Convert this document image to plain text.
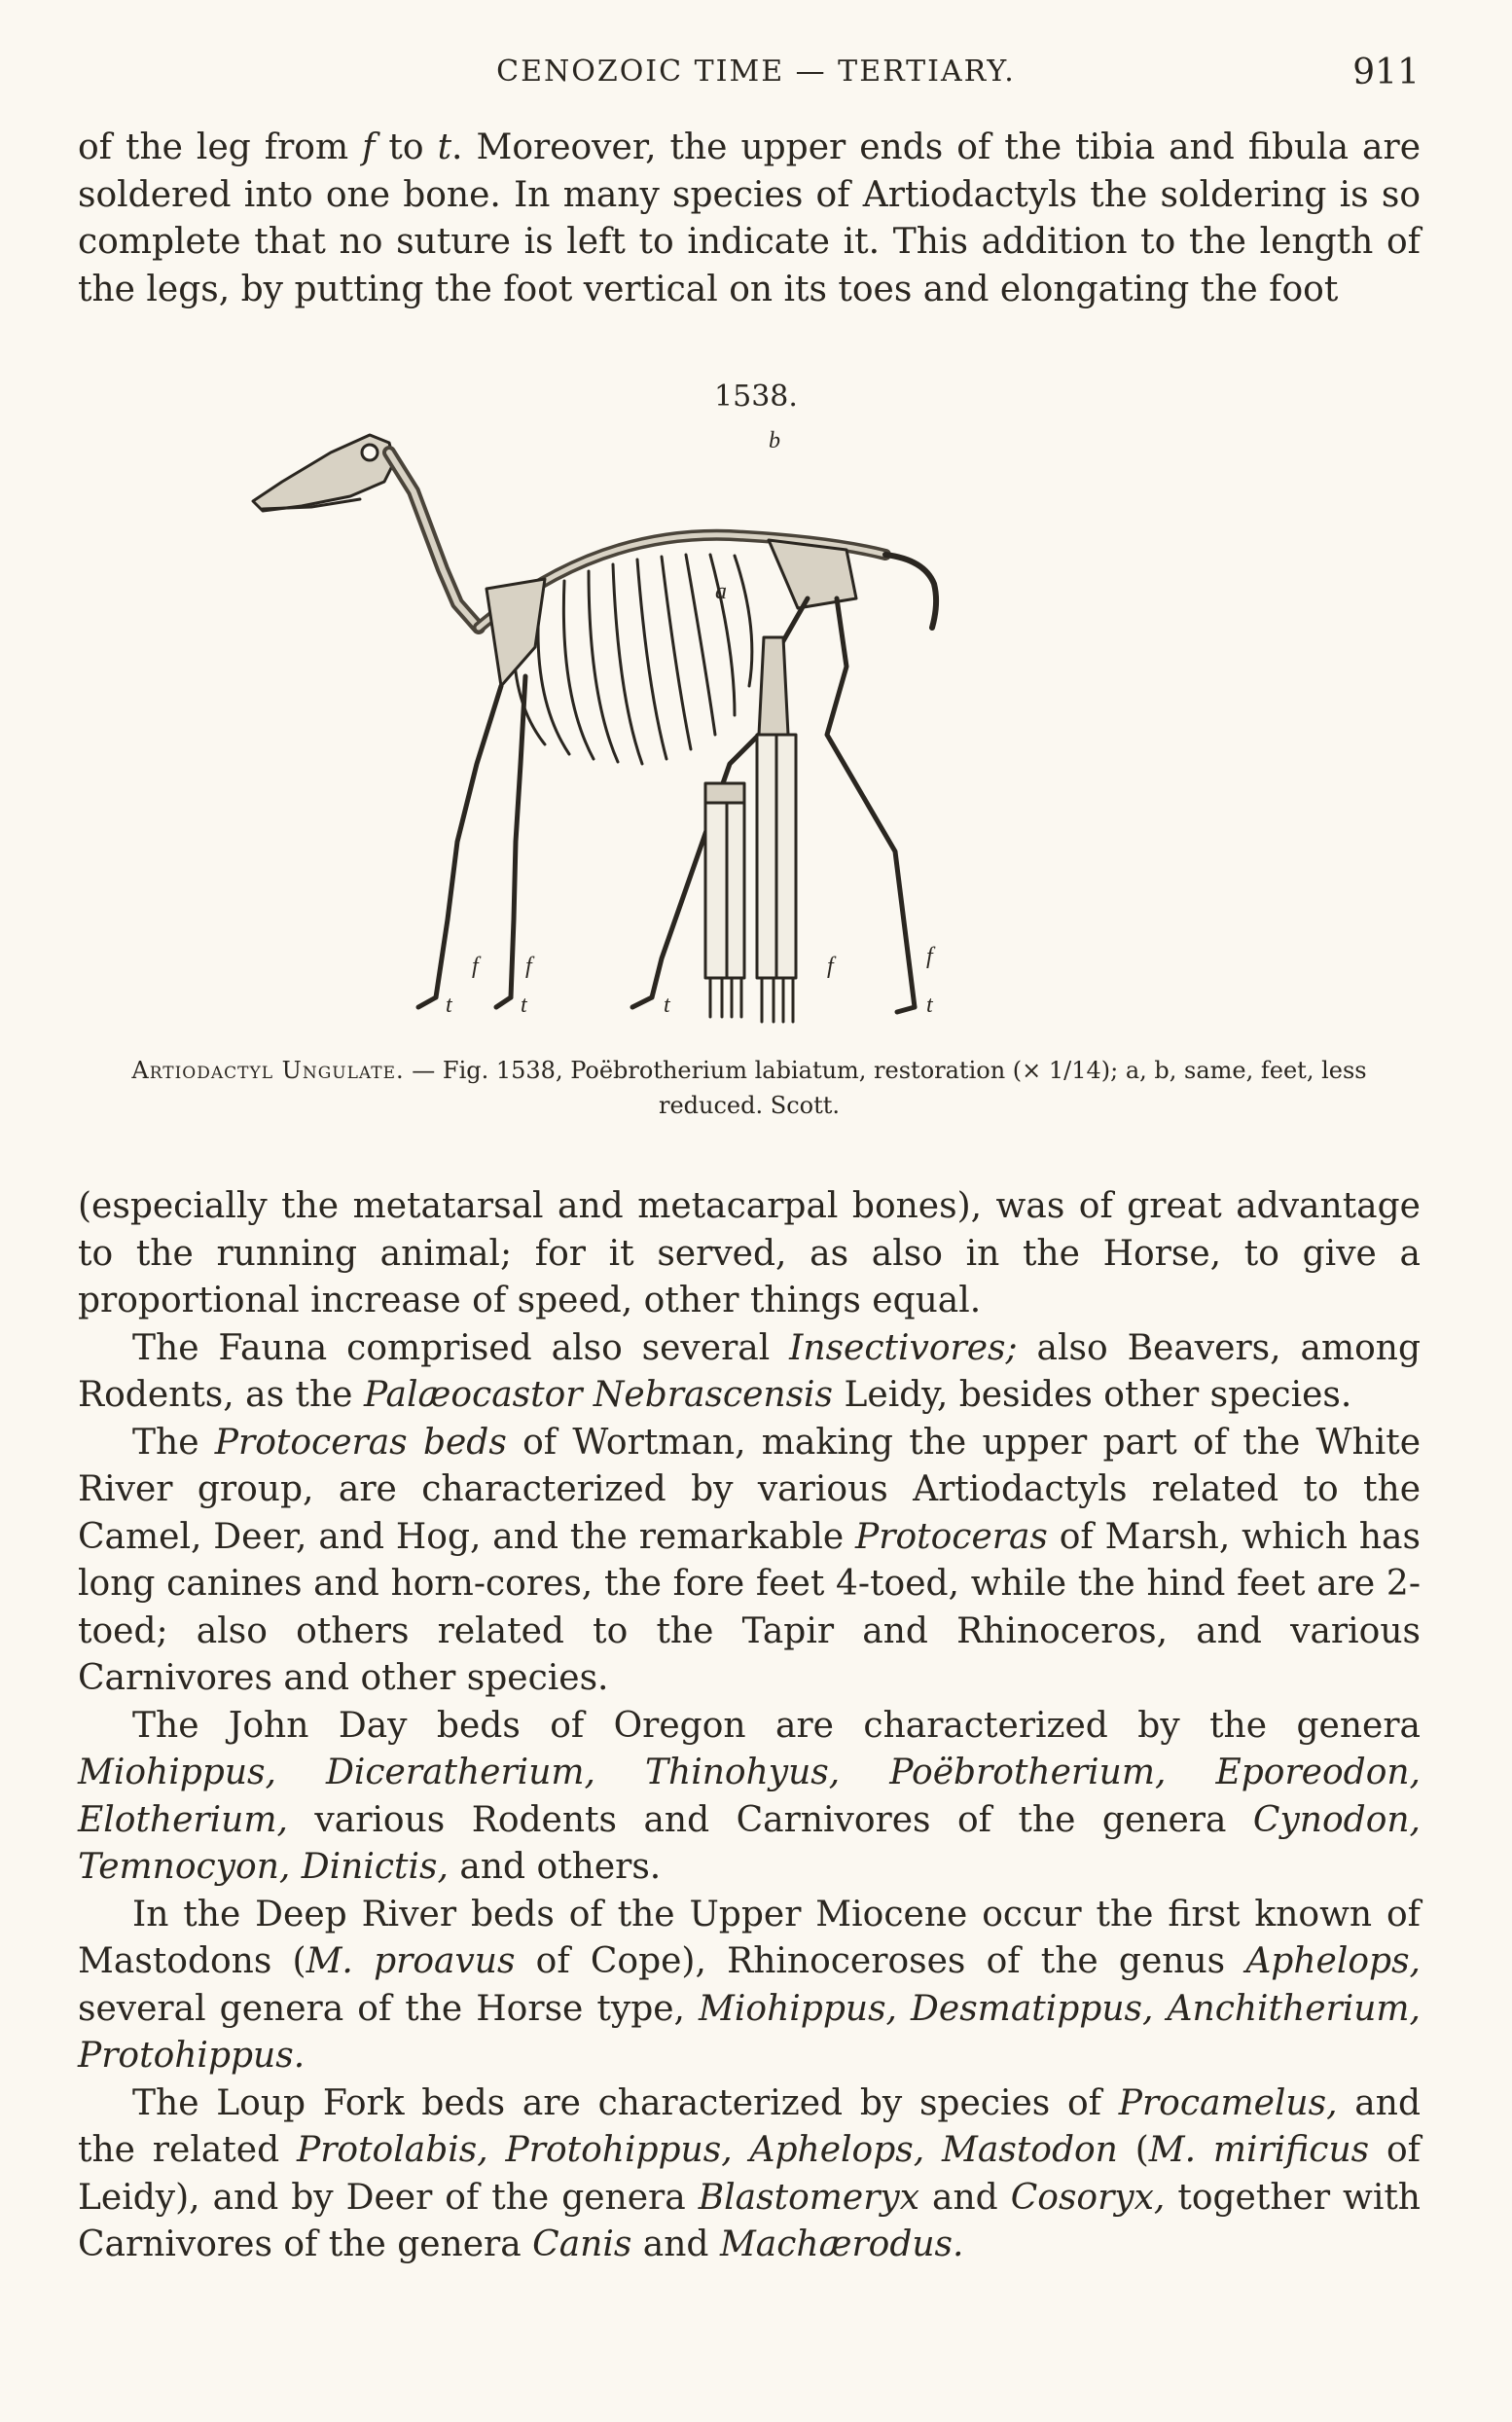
CENOZOIC TIME — TERTIARY.	911

of the leg from f to t. Moreover, the upper ends of the tibia and fibula are soldered into one bone. In many species of Artiodactyls the soldering is so complete that no suture is left to indicate it. This addition to the length of the legs, by putting the foot vertical on its toes and elongating the foot

1538.
f f	f	f
t	t	t	t
a
b
Artiodactyl Ungulate. — Fig. 1538, Poëbrotherium labiatum, restoration (× 1/14); a, b, same, feet, less reduced. Scott.

(especially the metatarsal and metacarpal bones), was of great advantage to the running animal; for it served, as also in the Horse, to give a proportional increase of speed, other things equal.

The Fauna comprised also several Insectivores; also Beavers, among Rodents, as the Palæocastor Nebrascensis Leidy, besides other species.

The Protoceras beds of Wortman, making the upper part of the White River group, are characterized by various Artiodactyls related to the Camel, Deer, and Hog, and the remarkable Protoceras of Marsh, which has long canines and horn-cores, the fore feet 4-toed, while the hind feet are 2-toed; also others related to the Tapir and Rhinoceros, and various Carnivores and other species.

The John Day beds of Oregon are characterized by the genera Miohippus, Diceratherium, Thinohyus, Poëbrotherium, Eporeodon, Elotherium, various Rodents and Carnivores of the genera Cynodon, Temnocyon, Dinictis, and others.

In the Deep River beds of the Upper Miocene occur the first known of Mastodons (M. proavus of Cope), Rhinoceroses of the genus Aphelops, several genera of the Horse type, Miohippus, Desmatippus, Anchitherium, Protohippus.

The Loup Fork beds are characterized by species of Procamelus, and the related Protolabis, Protohippus, Aphelops, Mastodon (M. mirificus of Leidy), and by Deer of the genera Blastomeryx and Cosoryx, together with Carnivores of the genera Canis and Machærodus.
